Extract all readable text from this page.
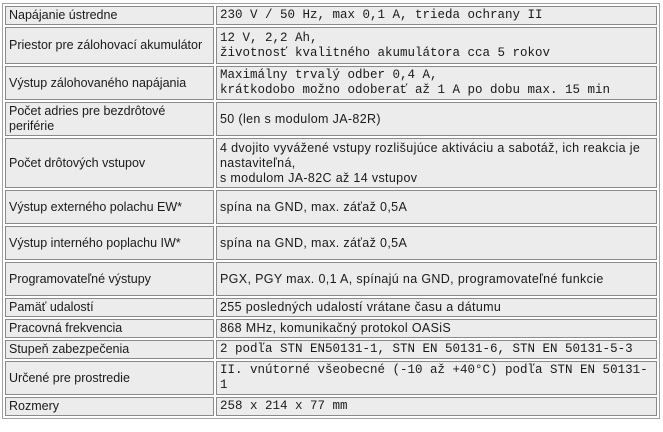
Napájanie ústredne	230 V / 50 Hz, max 0,1 A, trieda ochrany II

Priestor pre zálohovací akumulátor	12 V, 2,2 Ah,
životnosť kvalitného akumulátora cca 5 rokov

Výstup zálohovaného napájania	Maximálny trvalý odber 0,4 A,
krátkodobo možno odoberať až 1 A po dobu max. 15 min

Počet adries pre bezdrôtové periférie	50 (len s modulom JA-82R)

Počet drôtových vstupov	4 dvojito vyvážené vstupy rozlišujúce aktiváciu a sabotáž, ich reakcia je nastaviteľná,
s modulom JA-82C až 14 vstupov

Výstup externého polachu EW*	spína na GND, max. záťaž 0,5A

Výstup interného poplachu IW*	spína na GND, max. záťaž 0,5A

Programovateľné výstupy	PGX, PGY max. 0,1 A, spínajú na GND, programovateľné funkcie

Pamäť udalostí	255 posledných udalostí vrátane času a dátumu

Pracovná frekvencia	868 MHz, komunikačný protokol OASiS

Stupeň zabezpečenia	2 podľa STN EN50131-1, STN EN 50131-6, STN EN 50131-5-3

Určené pre prostredie	II. vnútorné všeobecné (-10 až +40°C) podľa STN EN 50131-1

Rozmery	258 x 214 x 77 mm
